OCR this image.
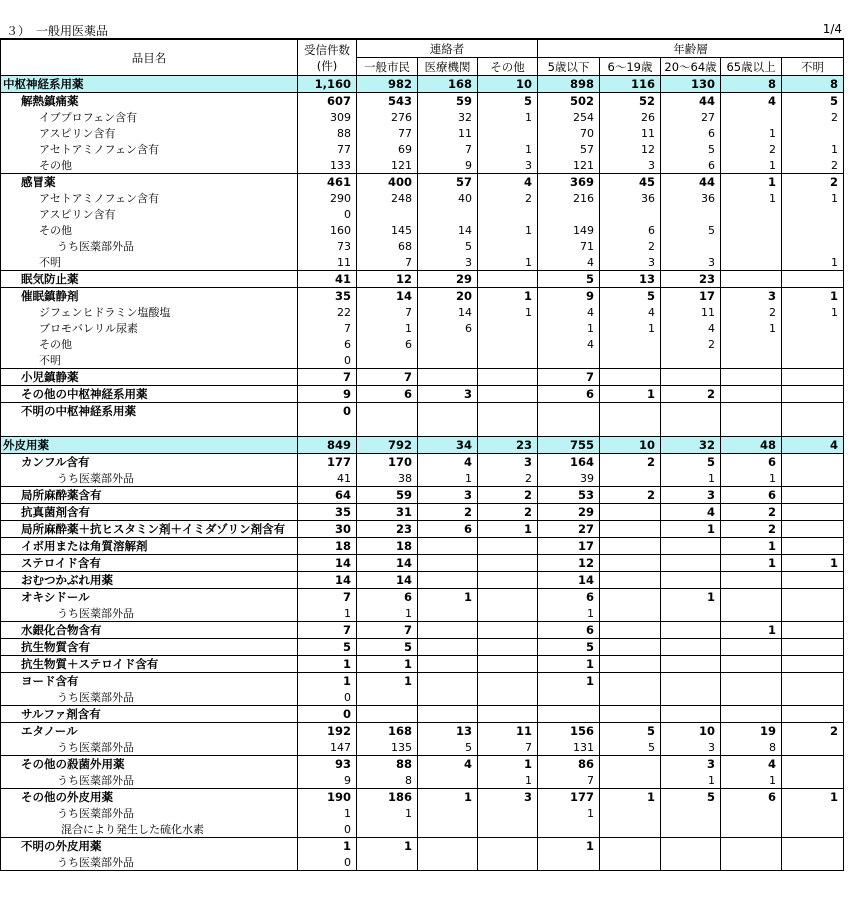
３）　一般用医薬品	1/4
品目名	受信件数
(件)	連絡者			年齢層				
		一般市民	医療機関	その他	5歳以下	6～19歳	20～64歳	65歳以上	不明
中枢神経系用薬	1,160	982	168	10	898	116	130	8	8
解熱鎮痛薬	607	543	59	5	502	52	44	4	5
イブプロフェン含有	309	276	32	1	254	26	27		2
アスピリン含有	88	77	11		70	11	6	1	
アセトアミノフェン含有	77	69	7	1	57	12	5	2	1
その他	133	121	9	3	121	3	6	1	2
感冒薬	461	400	57	4	369	45	44	1	2
アセトアミノフェン含有	290	248	40	2	216	36	36	1	1
アスピリン含有	0								
その他	160	145	14	1	149	6	5		
うち医薬部外品	73	68	5		71	2			
不明	11	7	3	1	4	3	3		1
眠気防止薬	41	12	29		5	13	23		
催眠鎮静剤	35	14	20	1	9	5	17	3	1
ジフェンヒドラミン塩酸塩	22	7	14	1	4	4	11	2	1
ブロモバレリル尿素	7	1	6		1	1	4	1	
その他	6	6			4		2		
不明	0								
小児鎮静薬	7	7			7				
その他の中枢神経系用薬	9	6	3		6	1	2		
不明の中枢神経系用薬	0								

外皮用薬	849	792	34	23	755	10	32	48	4
カンフル含有	177	170	4	3	164	2	5	6	
うち医薬部外品	41	38	1	2	39		1	1	
局所麻酔薬含有	64	59	3	2	53	2	3	6	
抗真菌剤含有	35	31	2	2	29		4	2	
局所麻酔薬＋抗ヒスタミン剤＋イミダゾリン剤含有	30	23	6	1	27		1	2	
イボ用または角質溶解剤	18	18			17			1	
ステロイド含有	14	14			12			1	1
おむつかぶれ用薬	14	14			14				
オキシドール	7	6	1		6		1		
うち医薬部外品	1	1			1				
水銀化合物含有	7	7			6			1	
抗生物質含有	5	5			5				
抗生物質＋ステロイド含有	1	1			1				
ヨード含有	1	1			1				
うち医薬部外品	0								
サルファ剤含有	0								
エタノール	192	168	13	11	156	5	10	19	2
うち医薬部外品	147	135	5	7	131	5	3	8	
その他の殺菌外用薬	93	88	4	1	86		3	4	
うち医薬部外品	9	8		1	7		1	1	
その他の外皮用薬	190	186	1	3	177	1	5	6	1
うち医薬部外品	1	1			1				
混合により発生した硫化水素	0								
不明の外皮用薬	1	1			1				
うち医薬部外品	0								
